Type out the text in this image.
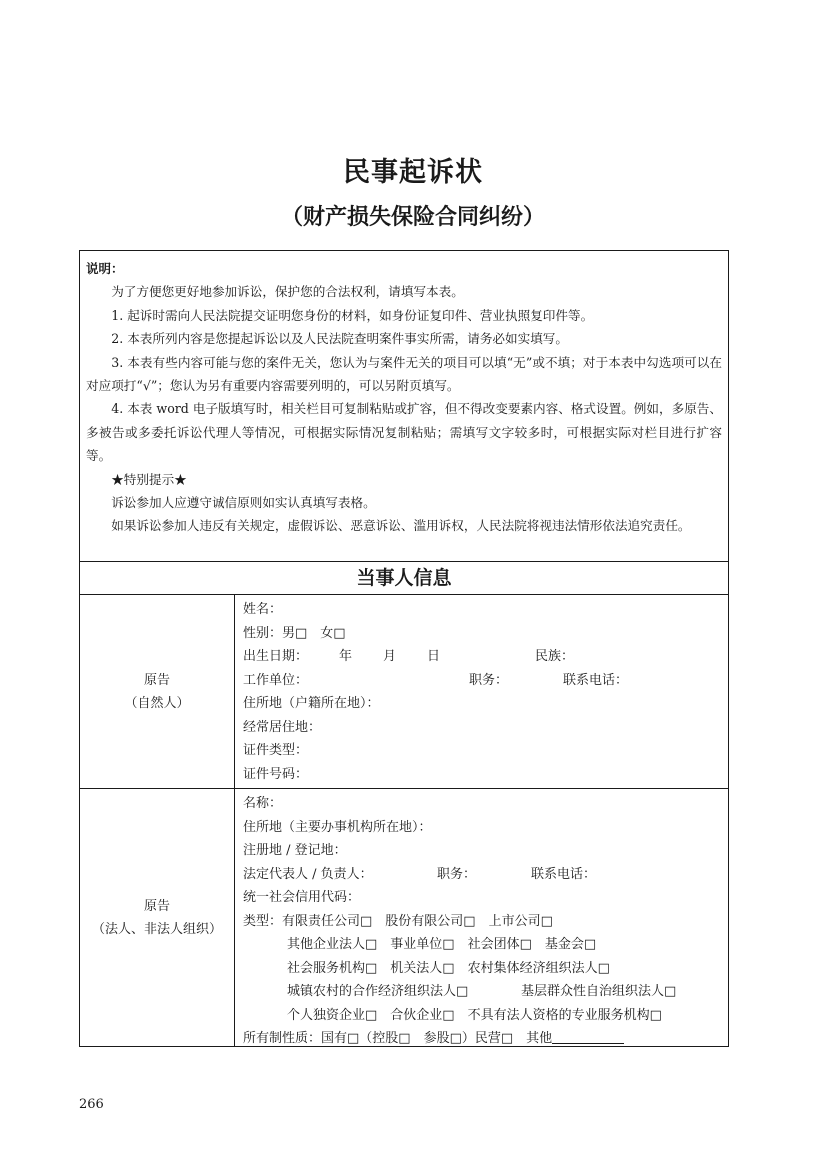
民事起诉状
（财产损失保险合同纠纷）
说明：

为了方便您更好地参加诉讼，保护您的合法权利，请填写本表。

1. 起诉时需向人民法院提交证明您身份的材料，如身份证复印件、营业执照复印件等。

2. 本表所列内容是您提起诉讼以及人民法院查明案件事实所需，请务必如实填写。

3. 本表有些内容可能与您的案件无关，您认为与案件无关的项目可以填“无”或不填；对于本表中勾选项可以在对应项打“√”；您认为另有重要内容需要列明的，可以另附页填写。

4. 本表 word 电子版填写时，相关栏目可复制粘贴或扩容，但不得改变要素内容、格式设置。例如，多原告、多被告或多委托诉讼代理人等情况，可根据实际情况复制粘贴；需填写文字较多时，可根据实际对栏目进行扩容等。

★特别提示★

诉讼参加人应遵守诚信原则如实认真填写表格。

如果诉讼参加人违反有关规定，虚假诉讼、恶意诉讼、滥用诉权，人民法院将视违法情形依法追究责任。

当事人信息
原告
（自然人）
姓名：
性别：男□　女□
出生日期： 年 月 日	民族：
工作单位：	职务：	联系电话：
住所地（户籍所在地）：
经常居住地：
证件类型：
证件号码：
原告
（法人、非法人组织）
名称：
住所地（主要办事机构所在地）：
注册地 / 登记地：
法定代表人 / 负责人：	职务：	联系电话：
统一社会信用代码：
类型：有限责任公司□　股份有限公司□　上市公司□
其他企业法人□　事业单位□　社会团体□　基金会□
社会服务机构□　机关法人□　农村集体经济组织法人□
城镇农村的合作经济组织法人□	基层群众性自治组织法人□
个人独资企业□　合伙企业□　不具有法人资格的专业服务机构□
所有制性质：国有□（控股□　参股□）民营□　其他
266
